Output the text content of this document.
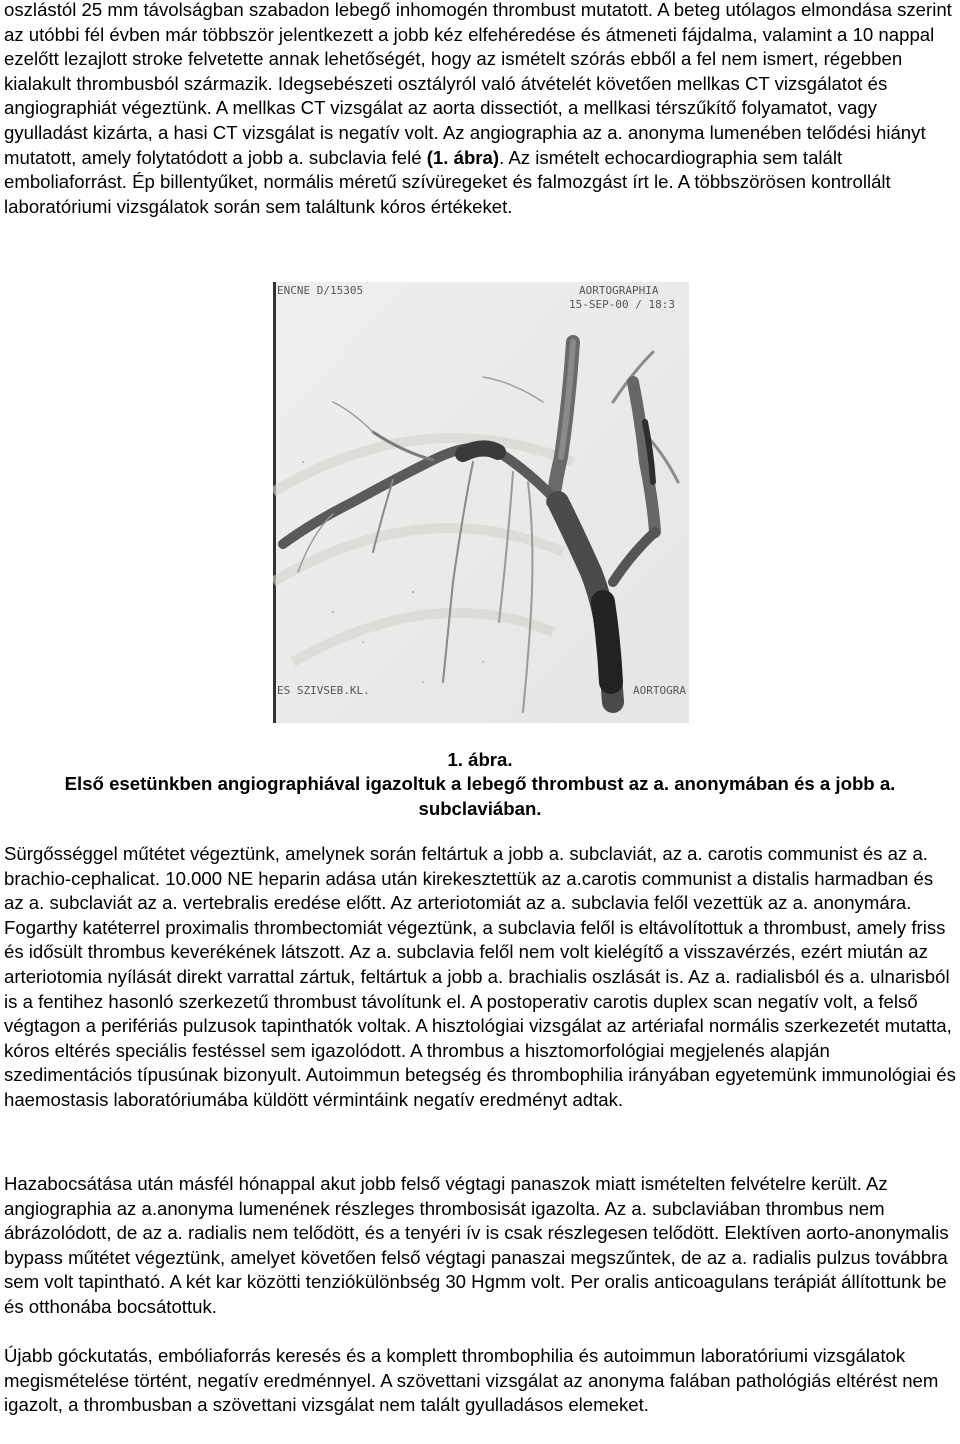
oszlástól 25 mm távolságban szabadon lebegő inhomogén thrombust mutatott. A beteg utólagos elmondása szerint az utóbbi fél évben már többször jelentkezett a jobb kéz elfehéredése és átmeneti fájdalma, valamint a 10 nappal ezelőtt lezajlott stroke felvetette annak lehetőségét, hogy az ismételt szórás ebből a fel nem ismert, régebben kialakult thrombusból származik. Idegsebészeti osztályról való átvételét követően mellkas CT vizsgálatot és angiographiát végeztünk. A mellkas CT vizsgálat az aorta dissectiót, a mellkasi térszűkítő folyamatot, vagy gyulladást kizárta, a hasi CT vizsgálat is negatív volt. Az angiographia az a. anonyma lumenében telődési hiányt mutatott, amely folytatódott a jobb a. subclavia felé (1. ábra). Az ismételt echocardiographia sem talált emboliaforrást. Ép billentyűket, normális méretű szívüregeket és falmozgást írt le. A többszörösen kontrollált laboratóriumi vizsgálatok során sem találtunk kóros értékeket.
ENCNE D/15305	AORTOGRAPHIA
15-SEP-00 / 18:3
ES SZIVSEB.KL.	AORTOGRA
1. ábra.
Első esetünkben angiographiával igazoltuk a lebegő thrombust az a. anonymában és a jobb a. subclaviában.
Sürgősséggel műtétet végeztünk, amelynek során feltártuk a jobb a. subclaviát, az a. carotis communist és az a. brachio-cephalicat. 10.000 NE heparin adása után kirekesztettük az a.carotis communist a distalis harmadban és az a. subclaviát az a. vertebralis eredése előtt. Az arteriotomiát az a. subclavia felől vezettük az a. anonymára. Fogarthy katéterrel proximalis thrombectomiát végeztünk, a subclavia felől is eltávolítottuk a thrombust, amely friss és idősült thrombus keverékének látszott. Az a. subclavia felől nem volt kielégítő a visszavérzés, ezért miután az arteriotomia nyílását direkt varrattal zártuk, feltártuk a jobb a. brachialis oszlását is. Az a. radialisból és a. ulnarisból is a fentihez hasonló szerkezetű thrombust távolítunk el. A postoperativ carotis duplex scan negatív volt, a felső végtagon a perifériás pulzusok tapinthatók voltak. A hisztológiai vizsgálat az artériafal normális szerkezetét mutatta, kóros eltérés speciális festéssel sem igazolódott. A thrombus a hisztomorfológiai megjelenés alapján szedimentációs típusúnak bizonyult. Autoimmun betegség és thrombophilia irányában egyetemünk immunológiai és haemostasis laboratóriumába küldött vérmintáink negatív eredményt adtak.
Hazabocsátása után másfél hónappal akut jobb felső végtagi panaszok miatt ismételten felvételre került. Az angiographia az a.anonyma lumenének részleges thrombosisát igazolta. Az a. subclaviában thrombus nem ábrázolódott, de az a. radialis nem telődött, és a tenyéri ív is csak részlegesen telődött. Elektíven aorto-anonymalis bypass műtétet végeztünk, amelyet követően felső végtagi panaszai megszűntek, de az a. radialis pulzus továbbra sem volt tapintható. A két kar közötti tenziókülönbség 30 Hgmm volt. Per oralis anticoagulans terápiát állítottunk be és otthonába bocsátottuk.
Újabb góckutatás, embóliaforrás keresés és a komplett thrombophilia és autoimmun laboratóriumi vizsgálatok megismételése történt, negatív eredménnyel. A szövettani vizsgálat az anonyma falában pathológiás eltérést nem igazolt, a thrombusban a szövettani vizsgálat nem talált gyulladásos elemeket.
